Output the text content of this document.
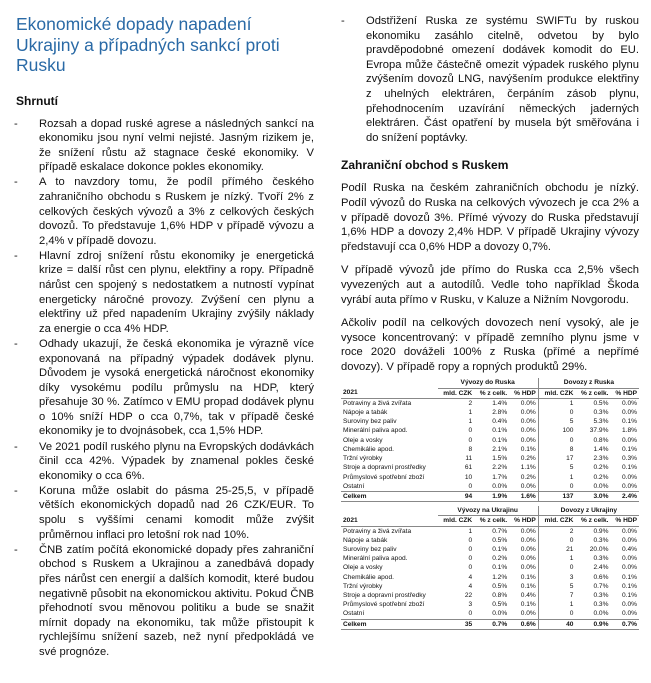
Ekonomické dopady napadení Ukrajiny a případných sankcí proti Rusku
Shrnutí
- Rozsah a dopad ruské agrese a následných sankcí na ekonomiku jsou nyní velmi nejisté. Jasným rizikem je, že snížení růstu až stagnace české ekonomiky. V případě eskalace dokonce pokles ekonomiky.
- A to navzdory tomu, že podíl přímého českého zahraničního obchodu s Ruskem je nízký. Tvoří 2% z celkových českých vývozů a 3% z celkových českých dovozů. To představuje 1,6% HDP v případě vývozu a 2,4% v případě dovozu.
- Hlavní zdroj snížení růstu ekonomiky je energetická krize = další růst cen plynu, elektřiny a ropy. Případně nárůst cen spojený s nedostatkem a nutností vypínat energeticky náročné provozy. Zvýšení cen plynu a elektřiny už před napadením Ukrajiny zvýšily náklady za energie o cca 4% HDP.
- Odhady ukazují, že česká ekonomika je výrazně více exponovaná na případný výpadek dodávek plynu. Důvodem je vysoká energetická náročnost ekonomiky díky vysokému podílu průmyslu na HDP, který přesahuje 30 %. Zatímco v EMU propad dodávek plynu o 10% sníží HDP o cca 0,7%, tak v případě české ekonomiky je to dvojnásobek, cca 1,5% HDP.
- Ve 2021 podíl ruského plynu na Evropských dodávkách činil cca 42%. Výpadek by znamenal pokles české ekonomiky o cca 6%.
- Koruna může oslabit do pásma 25-25,5, v případě větších ekonomických dopadů nad 26 CZK/EUR. To spolu s vyššími cenami komodit může zvýšit průměrnou inflaci pro letošní rok nad 10%.
- ČNB zatím počítá ekonomické dopady přes zahraniční obchod s Ruskem a Ukrajinou a zanedbává dopady přes nárůst cen energií a dalších komodit, které budou negativně působit na ekonomickou aktivitu. Pokud ČNB přehodnotí svou měnovou politiku a bude se snažit mírnit dopady na ekonomiku, tak může přistoupit k rychlejšímu snížení sazeb, než nyní předpokládá ve své prognóze.
- Odstřižení Ruska ze systému SWIFTu by ruskou ekonomiku zasáhlo citelně, odvetou by bylo pravděpodobné omezení dodávek komodit do EU. Evropa může částečně omezit výpadek ruského plynu zvýšením dovozů LNG, navýšením produkce elektřiny z uhelných elektráren, čerpáním zásob plynu, přehodnocením uzavírání německých jaderných elektráren. Část opatření by musela být směřována i do snížení poptávky.
Zahraniční obchod s Ruskem

Podíl Ruska na českém zahraničních obchodu je nízký. Podíl vývozů do Ruska na celkových vývozech je cca 2% a v případě dovozů 3%. Přímé vývozy do Ruska představují 1,6% HDP a dovozy 2,4% HDP. V případě Ukrajiny vývozy představují cca 0,6% HDP a dovozy 0,7%.

V případě vývozů jde přímo do Ruska cca 2,5% všech vyvezených aut a autodílů. Vedle toho například Škoda vyrábí auta přímo v Rusku, v Kaluze a Nižním Novgorodu.

Ačkoliv podíl na celkových dovozech není vysoký, ale je vysoce koncentrovaný: v případě zemního plynu jsme v roce 2020 dováželi 100% z Ruska (přímé a nepřímé dovozy). V případě ropy a ropných produktů 29%.

	Vývozy do Ruska			Dovozy z Ruska		
2021	mld. CZK	% z celk.	% HDP	mld. CZK	% z celk.	% HDP
Potraviny a živá zvířata	2	1.4%	0.0%	1	0.5%	0.0%
Nápoje a tabák	1	2.8%	0.0%	0	0.3%	0.0%
Suroviny bez paliv	1	0.4%	0.0%	5	5.3%	0.1%
Minerální paliva apod.	0	0.1%	0.0%	100	37.9%	1.8%
Oleje a vosky	0	0.1%	0.0%	0	0.8%	0.0%
Chemikálie apod.	8	2.1%	0.1%	8	1.4%	0.1%
Tržní výrobky	11	1.5%	0.2%	17	2.3%	0.3%
Stroje a dopravní prostředky	61	2.2%	1.1%	5	0.2%	0.1%
Průmyslové spotřební zboží	10	1.7%	0.2%	1	0.2%	0.0%
Ostatní	0	0.0%	0.0%	0	0.0%	0.0%
Celkem	94	1.9%	1.6%	137	3.0%	2.4%
	Vývozy na Ukrajinu			Dovozy z Ukrajiny		
2021	mld. CZK	% z celk.	% HDP	mld. CZK	% z celk.	% HDP
Potraviny a živá zvířata	1	0.7%	0.0%	2	0.9%	0.0%
Nápoje a tabák	0	0.5%	0.0%	0	0.3%	0.0%
Suroviny bez paliv	0	0.1%	0.0%	21	20.0%	0.4%
Minerální paliva apod.	0	0.2%	0.0%	1	0.3%	0.0%
Oleje a vosky	0	0.1%	0.0%	0	2.4%	0.0%
Chemikálie apod.	4	1.2%	0.1%	3	0.6%	0.1%
Tržní výrobky	4	0.5%	0.1%	5	0.7%	0.1%
Stroje a dopravní prostředky	22	0.8%	0.4%	7	0.3%	0.1%
Průmyslové spotřební zboží	3	0.5%	0.1%	1	0.3%	0.0%
Ostatní	0	0.0%	0.0%	0	0.0%	0.0%
Celkem	35	0.7%	0.6%	40	0.9%	0.7%
